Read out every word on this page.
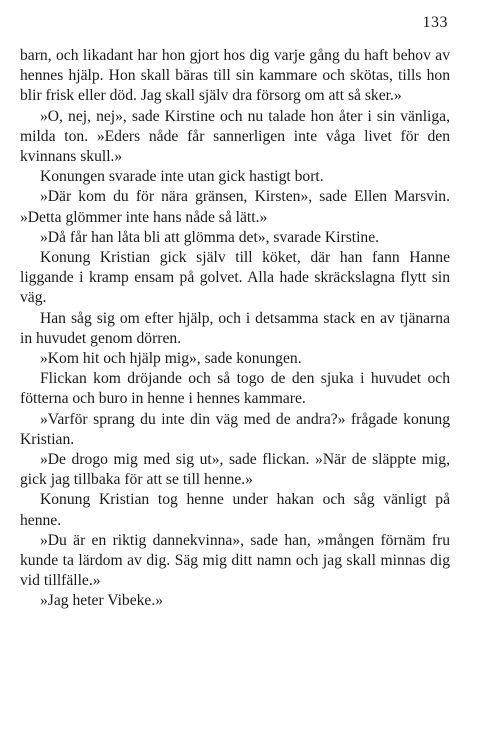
133

barn, och likadant har hon gjort hos dig varje gång du haft behov av hennes hjälp. Hon skall bäras till sin kammare och skötas, tills hon blir frisk eller död. Jag skall själv dra försorg om att så sker.»

»O, nej, nej», sade Kirstine och nu talade hon åter i sin vänliga, milda ton. »Eders nåde får sannerligen inte våga livet för den kvinnans skull.»

Konungen svarade inte utan gick hastigt bort.

»Där kom du för nära gränsen, Kirsten», sade Ellen Marsvin. »Detta glömmer inte hans nåde så lätt.»

»Då får han låta bli att glömma det», svarade Kirstine.

Konung Kristian gick själv till köket, där han fann Hanne liggande i kramp ensam på golvet. Alla hade skräckslagna flytt sin väg.

Han såg sig om efter hjälp, och i detsamma stack en av tjänarna in huvudet genom dörren.

»Kom hit och hjälp mig», sade konungen.

Flickan kom dröjande och så togo de den sjuka i huvudet och fötterna och buro in henne i hennes kammare.

»Varför sprang du inte din väg med de andra?» frågade konung Kristian.

»De drogo mig med sig ut», sade flickan. »När de släppte mig, gick jag tillbaka för att se till henne.»

Konung Kristian tog henne under hakan och såg vänligt på henne.

»Du är en riktig dannekvinna», sade han, »mången förnäm fru kunde ta lärdom av dig. Säg mig ditt namn och jag skall minnas dig vid tillfälle.»

»Jag heter Vibeke.»
